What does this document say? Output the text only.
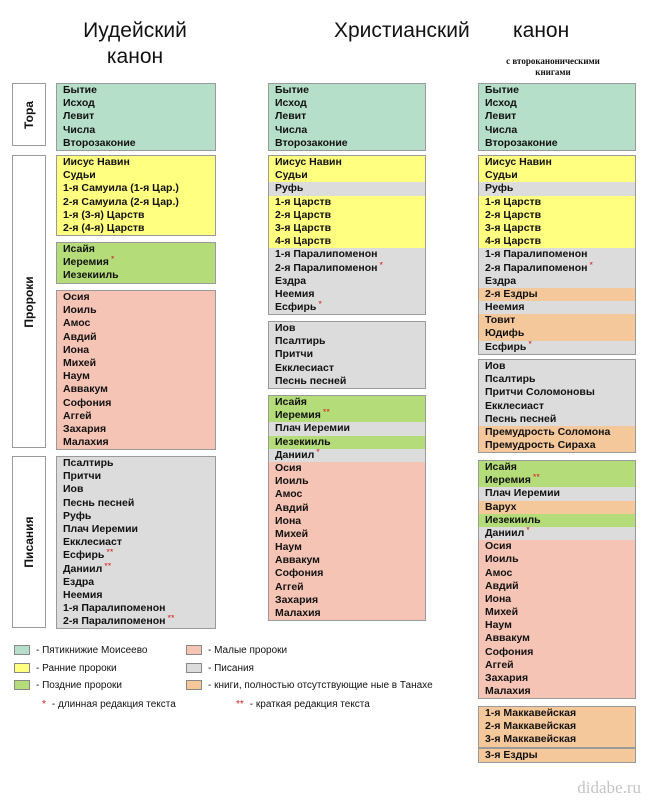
Иудейский
канон
Христианский канон
с второканоническими книгами
Тора
Пророки
Писания
Бытие
Исход
Левит
Числа
Второзаконие
Иисус Навин
Судьи
1-я Самуила (1-я Цар.)
2-я Самуила (2-я Цар.)
1-я (3-я) Царств
2-я (4-я) Царств
Исайя
Иеремия *
Иезекииль
Осия
Иоиль
Амос
Авдий
Иона
Михей
Наум
Аввакум
Софония
Аггей
Захария
Малахия
Псалтирь
Притчи
Иов
Песнь песней
Руфь
Плач Иеремии
Екклесиаст
Есфирь **
Даниил **
Ездра
Неемия
1-я Паралипоменон
2-я Паралипоменон **
Бытие
Исход
Левит
Числа
Второзаконие
Иисус Навин
Судьи
Руфь
1-я Царств
2-я Царств
3-я Царств
4-я Царств
1-я Паралипоменон
2-я Паралипоменон *
Ездра
Неемия
Есфирь *
Иов
Псалтирь
Притчи
Екклесиаст
Песнь песней
Исайя
Иеремия **
Плач Иеремии
Иезекииль
Даниил *
Осия
Иоиль
Амос
Авдий
Иона
Михей
Наум
Аввакум
Софония
Аггей
Захария
Малахия
Бытие
Исход
Левит
Числа
Второзаконие
Иисус Навин
Судьи
Руфь
1-я Царств
2-я Царств
3-я Царств
4-я Царств
1-я Паралипоменон
2-я Паралипоменон *
Ездра
2-я Ездры
Неемия
Товит
Юдифь
Есфирь *
Иов
Псалтирь
Притчи Соломоновы
Екклесиаст
Песнь песней
Премудрость Соломона
Премудрость Сираха
Исайя
Иеремия **
Плач Иеремии
Варух
Иезекииль
Даниил *
Осия
Иоиль
Амос
Авдий
Иона
Михей
Наум
Аввакум
Софония
Аггей
Захария
Малахия
1-я Маккавейская
2-я Маккавейская
3-я Маккавейская
3-я Ездры
- Пятикнижие Моисеево
- Ранние пророки
- Поздние пророки
- Малые пророки
- Писания
- книги, полностью отсутствующие ные в Танахе
* - длинная редакция текста	** - краткая редакция текста
didabe.ru
